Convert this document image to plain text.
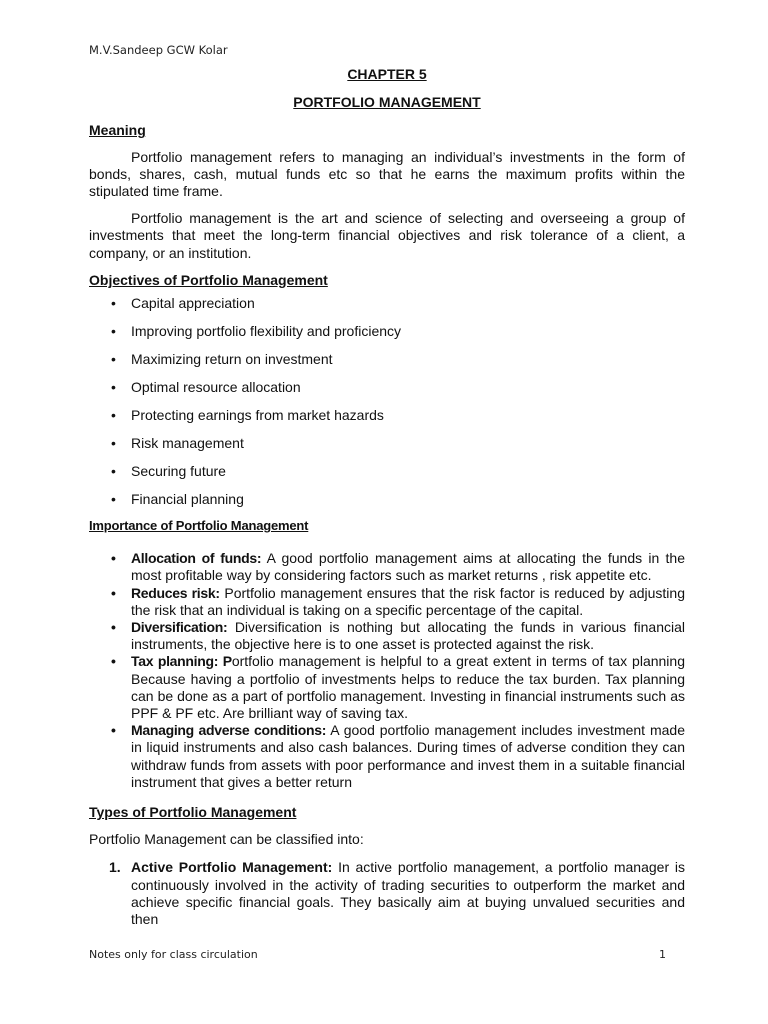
M.V.Sandeep GCW Kolar

CHAPTER 5

PORTFOLIO MANAGEMENT

Meaning

Portfolio management refers to managing an individual’s investments in the form of bonds, shares, cash, mutual funds etc so that he earns the maximum profits within the stipulated time frame.

Portfolio management is the art and science of selecting and overseeing a group of investments that meet the long-term financial objectives and risk tolerance of a client, a company, or an institution.

Objectives of Portfolio Management
• Capital appreciation
• Improving portfolio flexibility and proficiency
• Maximizing return on investment
• Optimal resource allocation
• Protecting earnings from market hazards
• Risk management
• Securing future
• Financial planning
Importance of Portfolio Management
• Allocation of funds: A good portfolio management aims at allocating the funds in the most profitable way by considering factors such as market returns , risk appetite etc.
• Reduces risk: Portfolio management ensures that the risk factor is reduced by adjusting the risk that an individual is taking on a specific percentage of the capital.
• Diversification: Diversification is nothing but allocating the funds in various financial instruments, the objective here is to one asset is protected against the risk.
• Tax planning: Portfolio management is helpful to a great extent in terms of tax planning Because having a portfolio of investments helps to reduce the tax burden. Tax planning can be done as a part of portfolio management. Investing in financial instruments such as PPF & PF etc. Are brilliant way of saving tax.
• Managing adverse conditions: A good portfolio management includes investment made in liquid instruments and also cash balances. During times of adverse condition they can withdraw funds from assets with poor performance and invest them in a suitable financial instrument that gives a better return
Types of Portfolio Management

Portfolio Management can be classified into:

1. Active Portfolio Management: In active portfolio management, a portfolio manager is continuously involved in the activity of trading securities to outperform the market and achieve specific financial goals. They basically aim at buying unvalued securities and then
Notes only for class circulation	1
